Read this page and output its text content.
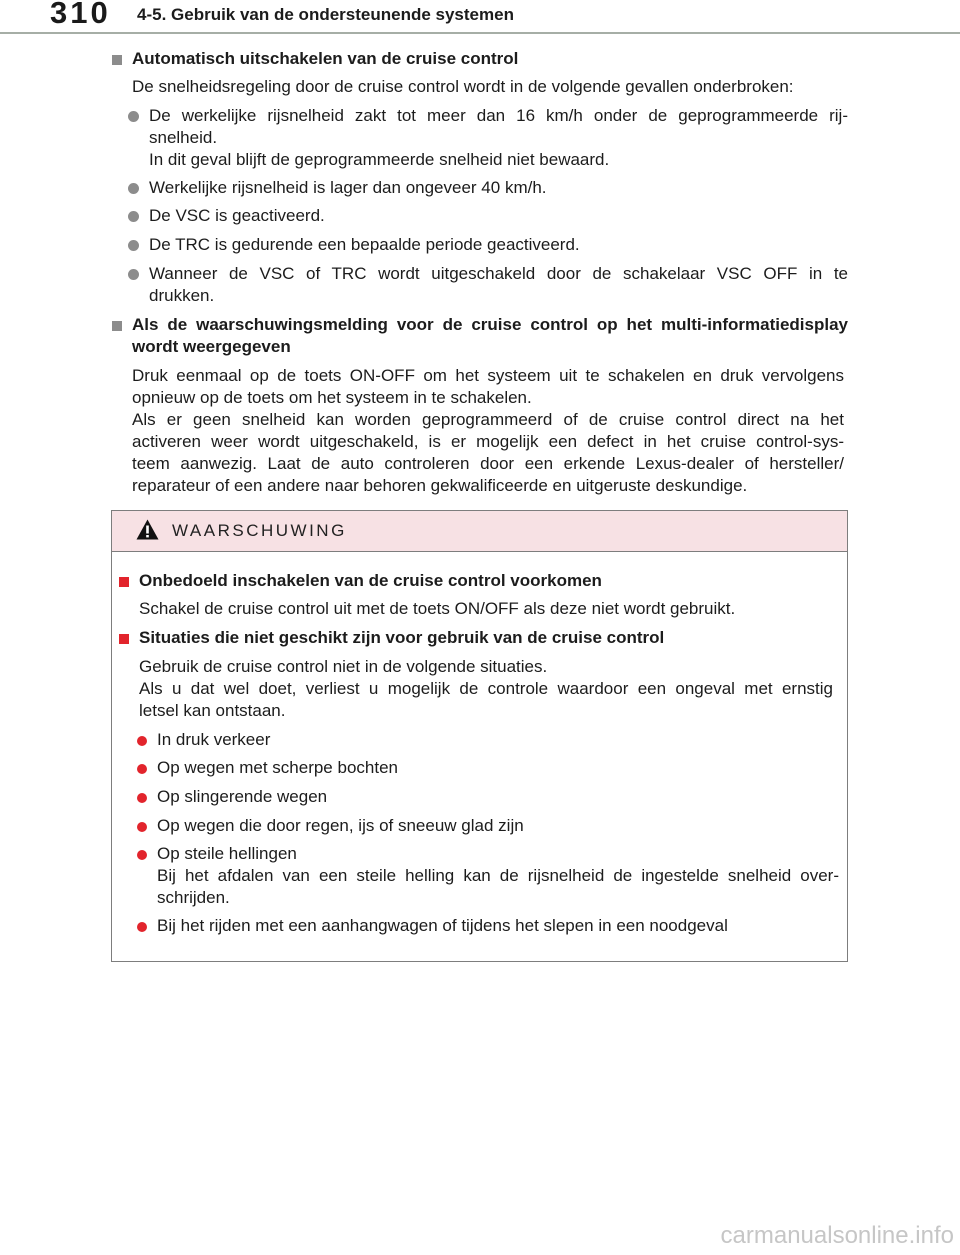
310 4-5. Gebruik van de ondersteunende systemen
Automatisch uitschakelen van de cruise control
De snelheidsregeling door de cruise control wordt in de volgende gevallen onderbroken:
De werkelijke rijsnelheid zakt tot meer dan 16 km/h onder de geprogrammeerde rij-
snelheid.
In dit geval blijft de geprogrammeerde snelheid niet bewaard.
Werkelijke rijsnelheid is lager dan ongeveer 40 km/h.
De VSC is geactiveerd.
De TRC is gedurende een bepaalde periode geactiveerd.
Wanneer de VSC of TRC wordt uitgeschakeld door de schakelaar VSC OFF in te
drukken.
Als de waarschuwingsmelding voor de cruise control op het multi-informatiedisplay
wordt weergegeven
Druk eenmaal op de toets ON-OFF om het systeem uit te schakelen en druk vervolgens
opnieuw op de toets om het systeem in te schakelen.
Als er geen snelheid kan worden geprogrammeerd of de cruise control direct na het
activeren weer wordt uitgeschakeld, is er mogelijk een defect in het cruise control-sys-
teem aanwezig. Laat de auto controleren door een erkende Lexus-dealer of hersteller/
reparateur of een andere naar behoren gekwalificeerde en uitgeruste deskundige.
WAARSCHUWING
Onbedoeld inschakelen van de cruise control voorkomen
Schakel de cruise control uit met de toets ON/OFF als deze niet wordt gebruikt.
Situaties die niet geschikt zijn voor gebruik van de cruise control
Gebruik de cruise control niet in de volgende situaties.
Als u dat wel doet, verliest u mogelijk de controle waardoor een ongeval met ernstig
letsel kan ontstaan.
In druk verkeer
Op wegen met scherpe bochten
Op slingerende wegen
Op wegen die door regen, ijs of sneeuw glad zijn
Op steile hellingen
Bij het afdalen van een steile helling kan de rijsnelheid de ingestelde snelheid over-
schrijden.
Bij het rijden met een aanhangwagen of tijdens het slepen in een noodgeval
carmanualsonline.info
